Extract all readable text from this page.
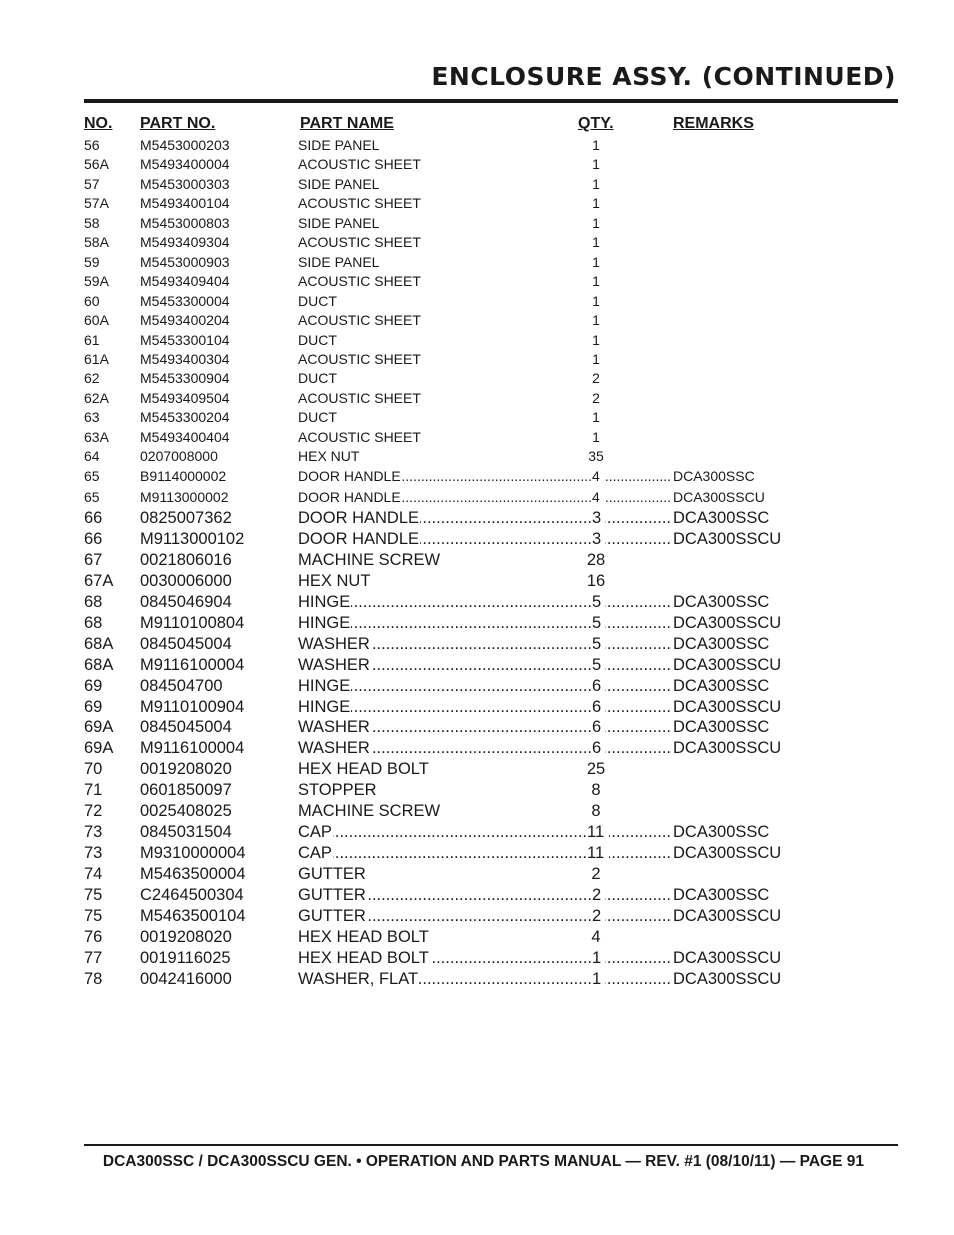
ENCLOSURE ASSY. (CONTINUED)
NO. PART NO.	PART NAME	QTY.	REMARKS
56	M5453000203	SIDE PANEL	1
56A M5493400004	ACOUSTIC SHEET	1
57	M5453000303	SIDE PANEL	1
57A M5493400104	ACOUSTIC SHEET	1
58	M5453000803	SIDE PANEL	1
58A M5493409304	ACOUSTIC SHEET	1
59	M5453000903	SIDE PANEL	1
59A M5493409404	ACOUSTIC SHEET	1
60	M5453300004	DUCT	1
60A M5493400204	ACOUSTIC SHEET	1
61	M5453300104	DUCT	1
61A M5493400304	ACOUSTIC SHEET	1
62	M5453300904	DUCT	2
62A M5493409504	ACOUSTIC SHEET	2
63	M5453300204	DUCT	1
63A M5493400404	ACOUSTIC SHEET	1
64	0207008000	HEX NUT	35
65	B9114000002	DOOR HANDLE .....	4 .....	DCA300SSC
65	M9113000002	DOOR HANDLE .....	4 .....	DCA300SSCU
66 0825007362	DOOR HANDLE .....	3 .....	DCA300SSC
66 M9113000102	DOOR HANDLE .....	3 .....	DCA300SSCU
67 0021806016	MACHINE SCREW	28
67A 0030006000	HEX NUT	16
68 0845046904	HINGE .....	5 .....	DCA300SSC
68 M9110100804	HINGE .....	5 .....	DCA300SSCU
68A 0845045004	WASHER .....	5 .....	DCA300SSC
68A M9116100004	WASHER .....	5 .....	DCA300SSCU
69 084504700	HINGE .....	6 .....	DCA300SSC
69 M9110100904	HINGE .....	6 .....	DCA300SSCU
69A 0845045004	WASHER .....	6 .....	DCA300SSC
69A M9116100004	WASHER .....	6 .....	DCA300SSCU
70 0019208020	HEX HEAD BOLT	25
71 0601850097	STOPPER	8
72 0025408025	MACHINE SCREW	8
73 0845031504	CAP .....	11 .....	DCA300SSC
73 M9310000004	CAP .....	11 .....	DCA300SSCU
74 M5463500004	GUTTER	2
75 C2464500304	GUTTER .....	2 .....	DCA300SSC
75 M5463500104	GUTTER .....	2 .....	DCA300SSCU
76 0019208020	HEX HEAD BOLT	4
77 0019116025	HEX HEAD BOLT .....	1 .....	DCA300SSCU
78 0042416000	WASHER, FLAT .....	1 .....	DCA300SSCU
DCA300SSC / DCA300SSCU GEN. • OPERATION AND PARTS MANUAL — REV. #1 (08/10/11) — PAGE 91
